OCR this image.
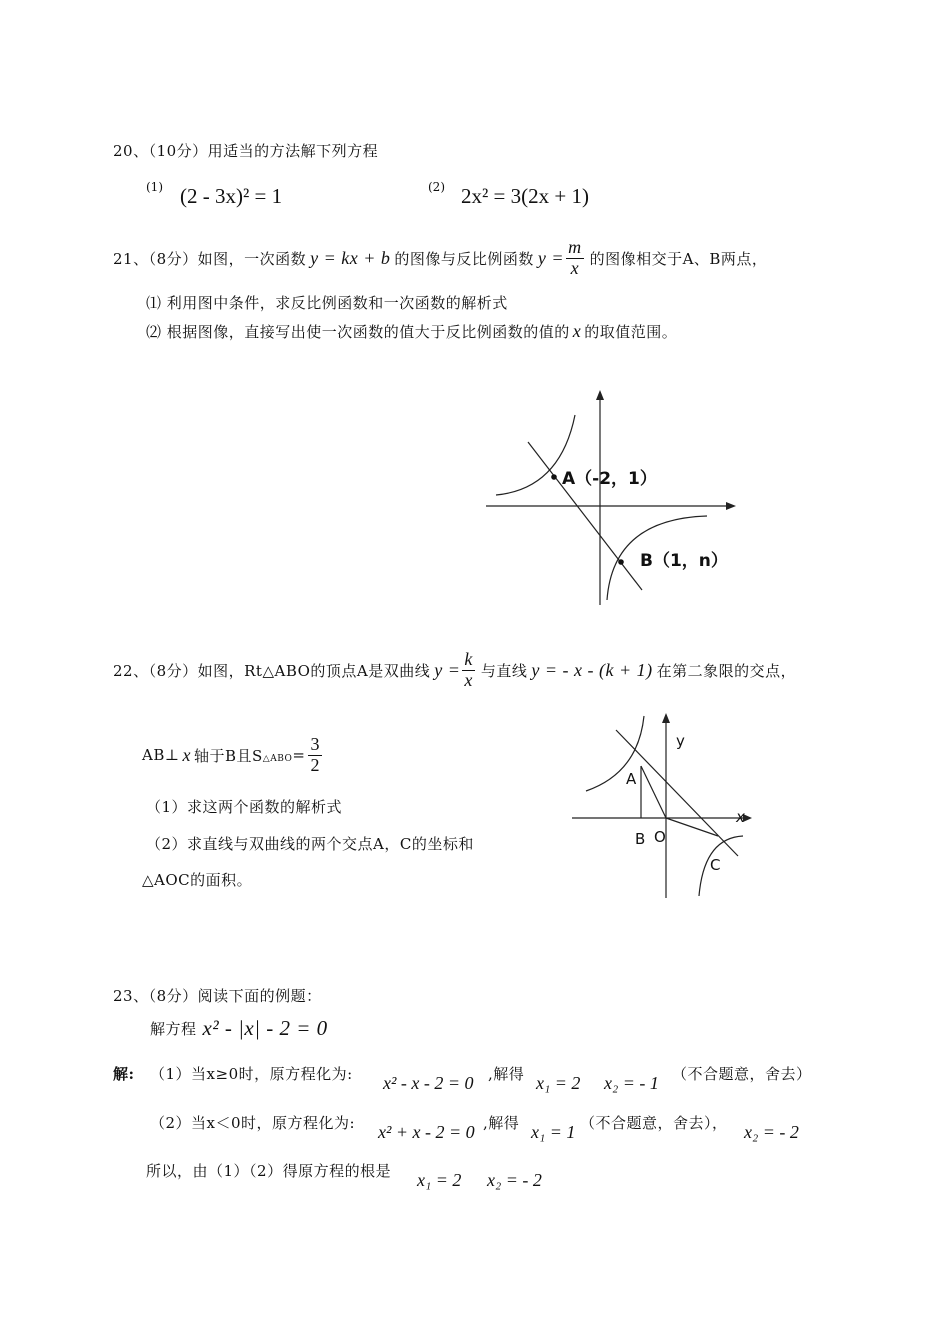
20、（10分）用适当的方法解下列方程
(1) (2 - 3x)² = 1	(2) 2x² = 3(2x + 1)
21、（8分）如图，一次函数 y = kx + b 的图像与反比例函数 $y = \frac{m}{x}$ 的图像相交于A、B两点，
⑴ 利用图中条件，求反比例函数和一次函数的解析式
⑵ 根据图像，直接写出使一次函数的值大于反比例函数的值的 x 的取值范围。
A（-2，1）
B（1，n）
22、（8分）如图，Rt△ABO的顶点A是双曲线 $y = \frac{k}{x}$ 与直线 y = - x - (k + 1) 在第二象限的交点，
AB⊥ x 轴于B且S △ABO = $\frac{3}{2}$
（1）求这两个函数的解析式
（2）求直线与双曲线的两个交点A，C的坐标和
△AOC的面积。
y
x
A
B O
C
23、（8分）阅读下面的例题：
解方程 x² - |x| - 2 = 0
解: （1）当x≥0时，原方程化为: x² - x - 2 = 0 ,解得 x₁ = 2 x₂ = - 1 （不合题意，舍去）
（2）当x＜0时，原方程化为: x² + x - 2 = 0 ,解得 x₁ = 1 （不合题意，舍去）， x₂ = - 2
所以，由（1）（2）得原方程的根是 x₁ = 2 x₂ = - 2
